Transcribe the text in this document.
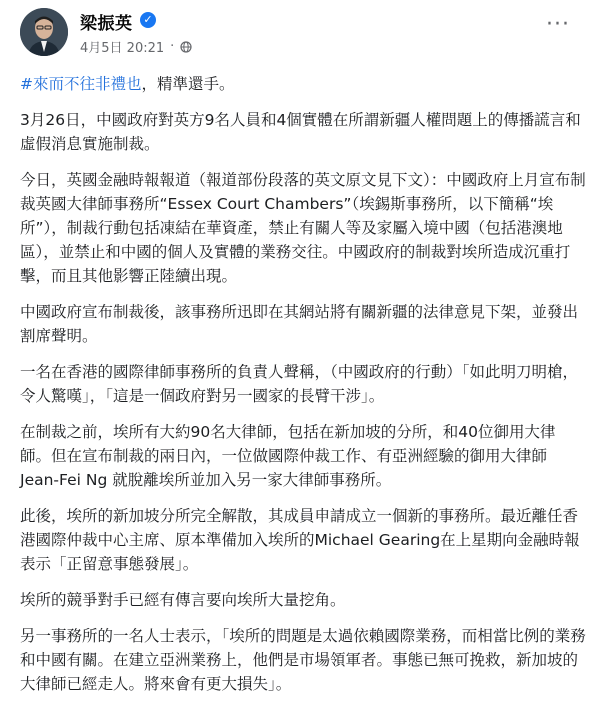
梁振英 ✓
4月5日 20:21 ·
···

#來而不往非禮也，精準還手。

3月26日，中國政府對英方9名人員和4個實體在所謂新疆人權問題上的傳播謊言和虛假消息實施制裁。

今日，英國金融時報報道（報道部份段落的英文原文見下文）：中國政府上月宣布制裁英國大律師事務所“Essex Court Chambers”（埃錫斯事務所，以下簡稱“埃所”），制裁行動包括凍結在華資產，禁止有關人等及家屬入境中國（包括港澳地區），並禁止和中國的個人及實體的業務交往。中國政府的制裁對埃所造成沉重打擊，而且其他影響正陸續出現。

中國政府宣布制裁後，該事務所迅即在其網站將有關新疆的法律意見下架，並發出割席聲明。

一名在香港的國際律師事務所的負責人聲稱，（中國政府的行動）「如此明刀明槍，令人驚嘆」，「這是一個政府對另一國家的長臂干涉」。

在制裁之前，埃所有大約90名大律師，包括在新加坡的分所，和40位御用大律師。但在宣布制裁的兩日內，一位做國際仲裁工作、有亞洲經驗的御用大律師Jean-Fei Ng 就脫離埃所並加入另一家大律師事務所。

此後，埃所的新加坡分所完全解散，其成員申請成立一個新的事務所。最近離任香港國際仲裁中心主席、原本準備加入埃所的Michael Gearing在上星期向金融時報表示「正留意事態發展」。

埃所的競爭對手已經有傳言要向埃所大量挖角。

另一事務所的一名人士表示，「埃所的問題是太過依賴國際業務，而相當比例的業務和中國有關。在建立亞洲業務上，他們是市場領軍者。事態已無可挽救，新加坡的大律師已經走人。將來會有更大損失」。
